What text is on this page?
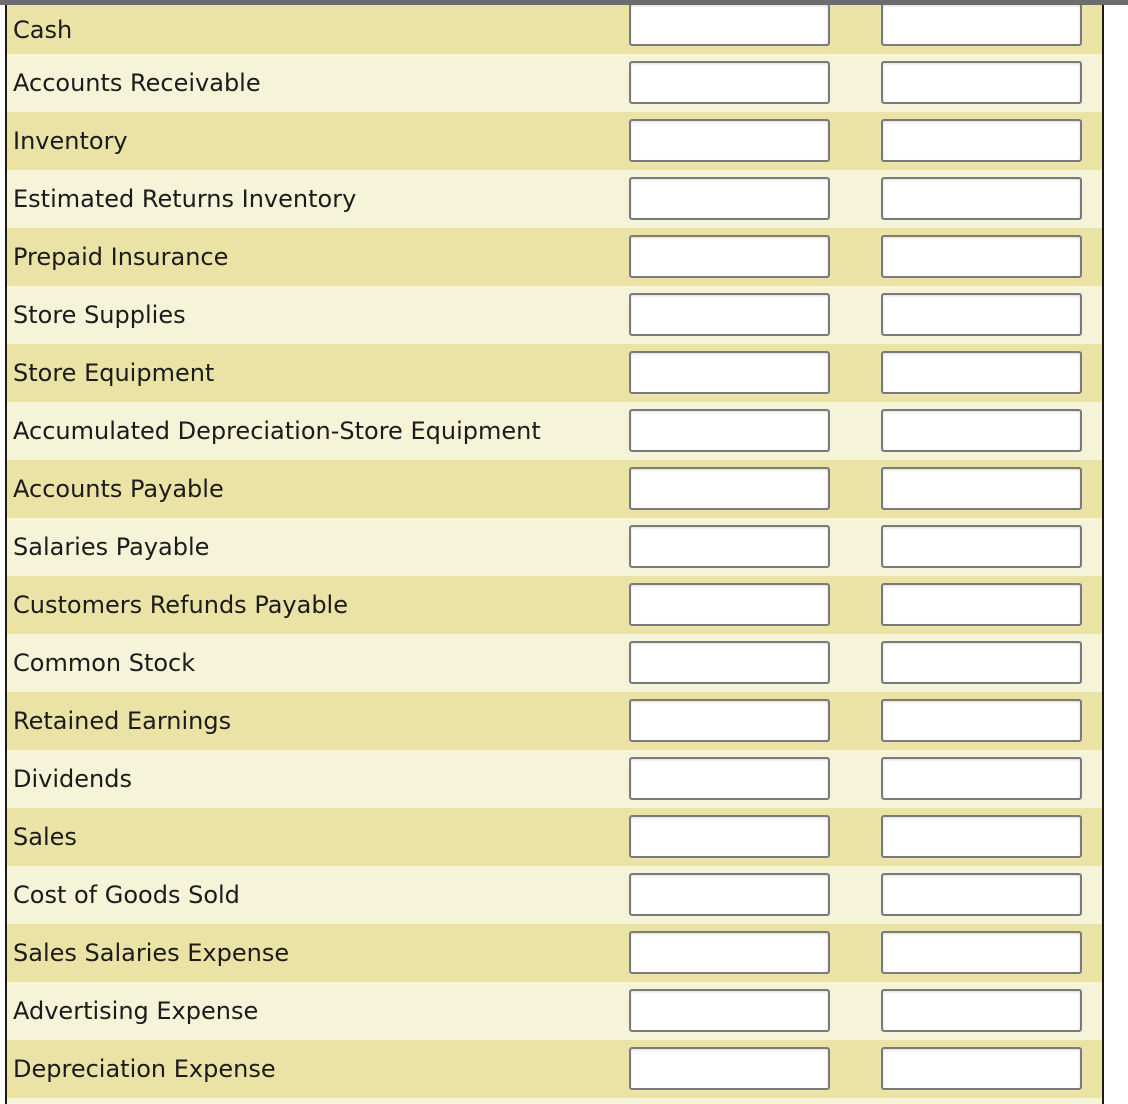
Cash
Accounts Receivable
Inventory
Estimated Returns Inventory
Prepaid Insurance
Store Supplies
Store Equipment
Accumulated Depreciation-Store Equipment
Accounts Payable
Salaries Payable
Customers Refunds Payable
Common Stock
Retained Earnings
Dividends
Sales
Cost of Goods Sold
Sales Salaries Expense
Advertising Expense
Depreciation Expense
